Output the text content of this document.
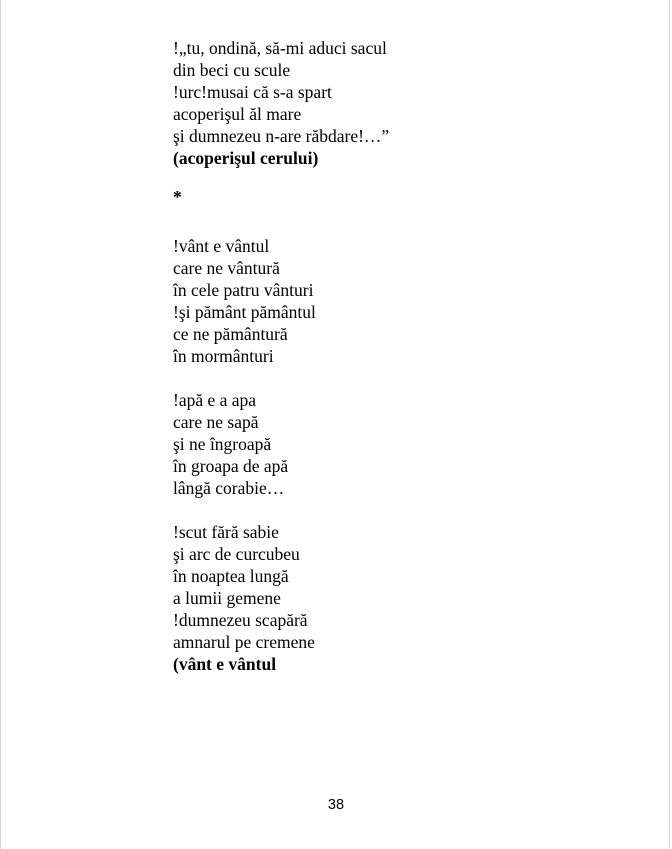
!„tu, ondină, să-mi aduci sacul
din beci cu scule
!urc!musai că s-a spart
acoperişul ăl mare
şi dumnezeu n-are răbdare!…”
(acoperişul cerului)
*
!vânt e vântul
care ne vântură
în cele patru vânturi
!şi pământ pământul
ce ne pământură
în mormânturi
!apă e a apa
care ne sapă
şi ne îngroapă
în groapa de apă
lângă corabie…
!scut fără sabie
şi arc de curcubeu
în noaptea lungă
a lumii gemene
!dumnezeu scapără
amnarul pe cremene
(vânt e vântul
38
